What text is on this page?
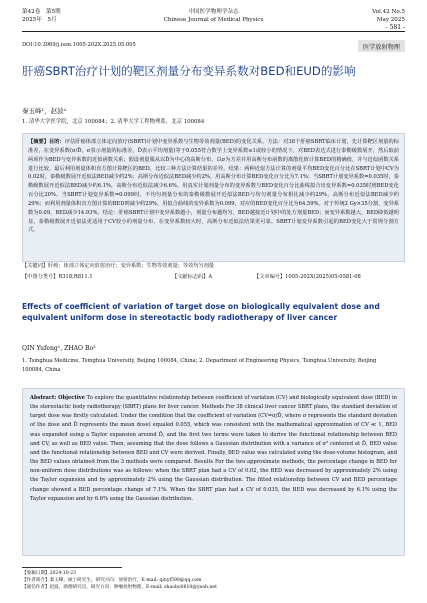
第42卷　第5期
2025年　5月
中国医学物理学杂志
Chinese Journal of Medical Physics
Vol.42 No.5
May 2025
- 581 -
DOI:10.3969/j.issn.1005-202X.2025.05.005	医学放射物理
肝癌SBRT治疗计划的靶区剂量分布变异系数对BED和EUD的影响
秦玉峰¹，赵波²
1. 清华大学医学院，北京 100084；2. 清华大学工程物理系，北京 100084
【摘要】目的：评估肝癌体部立体定向放疗(SBRT)计划中变异系数与生物等效剂量(BED)的变化关系。方法：对38个肝癌SBRT临床计划，先计算靶区剂量的标准差，在变异系数(σ/D̄，σ表示剂量的标准差，D̄表示平均剂量)等于0.055符合数学上变异系数≤1或较小的情况下，对BED表达式进行泰勒级数展开，然后取前两项作为BED与变异系数的近似函数关系；假设剂量服从以D̄为中心的高斯分布，以σ为方差并用高斯分布函数的离散化值计算BED的精确值，并与近似函数关系进行比较。最后利用剂量体积直方图计算靶区的BED，比较三种方法计算结果的差异。结果：两种近似方法计算的剂量平均BED变化百分比在SBRT计划中CV为0.02时，泰勒级数展开近似法BED减少约2%；高斯分布近似法BED减少约2%。用高斯分布计算BED变化百分比为7.1%；当SBRT计划变异系数=0.035时，泰勒级数展开近似法BED减少约6.1%，高斯分布近似法减少6.6%。用真实计划剂量分布的变异系数与BED变化百分比曲线拟合出变异系数=0.035时到BED变化百分比20%。当SBRT计划变异系数=0.099时，不均匀剂量分布的泰勒级数展开近似法BED与均匀剂量分布相比减少约29%，高斯分布近似法BED减少约29%；而利用剂量体积直方图计算的BED则减少约29%，用拟合曲线的变异系数为0.099，对应的BED变化百分比为64.59%。对于传统2 Gy×35分割，变异系数为0.09，BED减少14.93%。结论：肝癌SBRT计划中变异系数越小，剂量分布越均匀，BED越接近计划中的处方剂量BED；而变异系数越大，BED降低越明显，泰勒级数展开近似法更适用于CV较小的剂量分布，在变异系数较大时，高斯分布近似法结果更可靠。SBRT计划变异系数引起的BED变化大于常规分割方式。
【关键词】肝癌；体部立体定向放射治疗；变异系数；生物等效剂量；等效均匀剂量
【中图分类号】R318;R811.1	【文献标志码】A	【文章编号】1005-202X(2025)05-0581-08
Effects of coefficient of variation of target dose on biologically equivalent dose and equivalent uniform dose in stereotactic body radiotherapy of liver cancer
QIN Yufeng¹, ZHAO Bo²
1. Tsinghua Medicine, Tsinghua University, Beijing 100084, China; 2. Department of Engineering Physics, Tsinghua University, Beijing 100084, China
Abstract: Objective To explore the quantitative relationship between coefficient of variation (CV) and biologically equivalent dose (BED) in the stereotactic body radiotherapy (SBRT) plans for liver cancer. Methods For 38 clinical liver cancer SBRT plans, the standard deviation of target dose was firstly calculated. Under the condition that the coefficient of variation (CV=σ/D̄, where σ represents the standard deviation of the dose and D̄ represents the mean dose) equaled 0.055, which was consistent with the mathematical approximation of CV ≪ 1, BED was expanded using a Taylor expansion around D̄, and the first two terms were taken to derive the functional relationship between BED and CV, as well as BED value. Then, assuming that the dose follows a Gaussian distribution with a variance of σ² centered at D̄, BED value and the functional relationship between BED and CV were derived. Finally, BED value was calculated using the dose-volume histogram, and the BED values obtained from the 3 methods were compared. Results For the two approximate methods, the percentage change in BED for non-uniform dose distributions was as follows: when the SBRT plan had a CV of 0.02, the BED was decreased by approximately 2% using the Taylor expansion and by approximately 2% using the Gaussian distribution. The fitted relationship between CV and BED percentage change showed a BED percentage change of 7.1%. When the SBRT plan had a CV of 0.035, the BED was decreased by 6.1% using the Taylor expansion and by 6.6% using the Gaussian distribution.
【收稿日期】2024-10-23
【作者简介】秦玉峰，硕士研究生，研究方向：放射治疗，E-mail: qinyf598@qq.com
【通信作者】赵波，助理研究员，研究方向：肿瘤放射物理，E-mail: zhaobo0610@yeah.net
